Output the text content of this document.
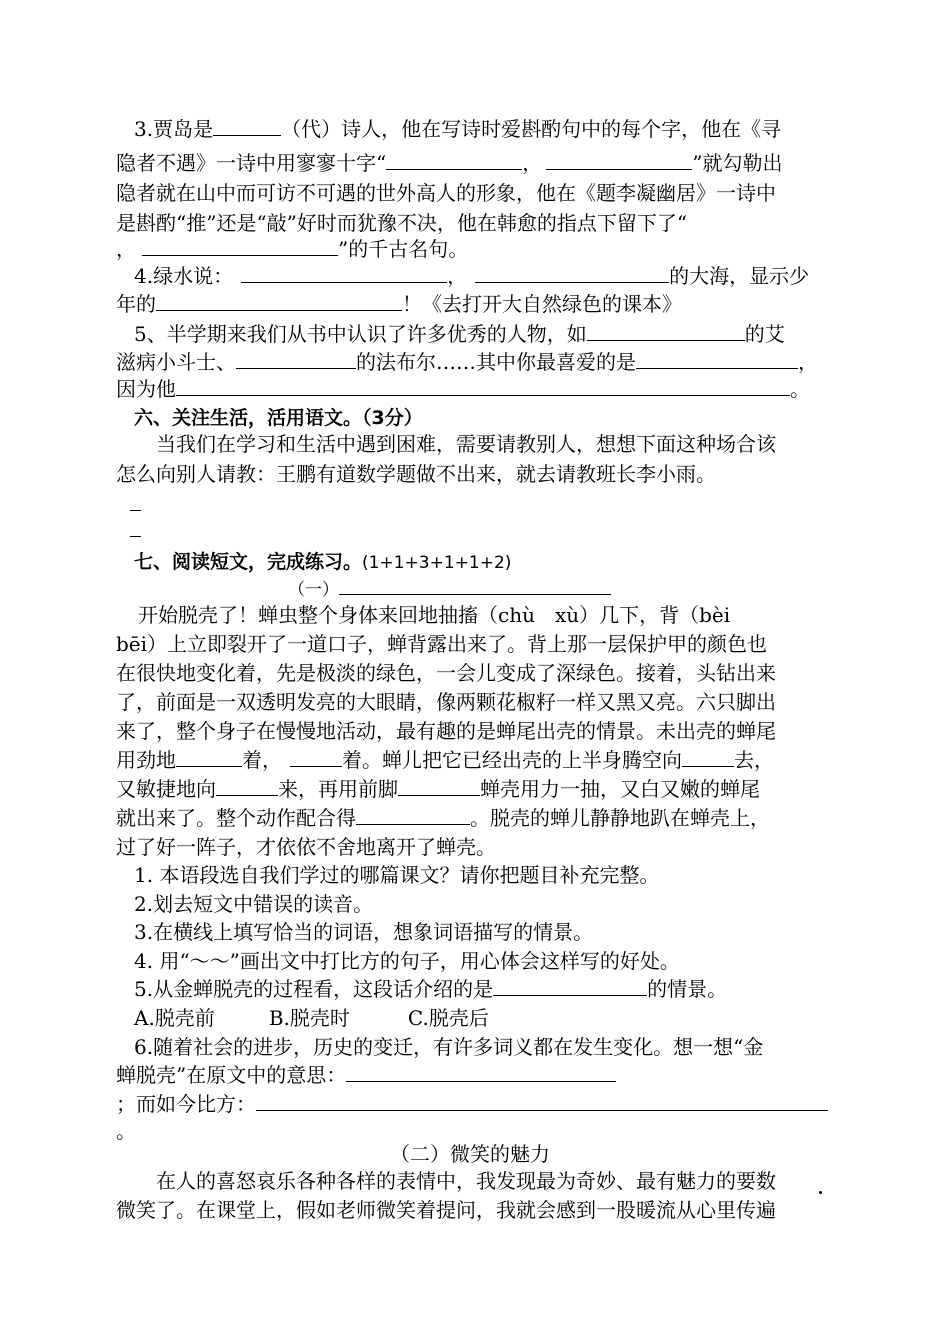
3.贾岛是	（代）诗人，他在写诗时爱斟酌句中的每个字，他在《寻
隐者不遇》一诗中用寥寥十字“	，	”就勾勒出
隐者就在山中而可访不可遇的世外高人的形象，他在《题李凝幽居》一诗中
是斟酌“推”还是“敲”好时而犹豫不决，他在韩愈的指点下留下了“
，	”的千古名句。
4.绿水说：	，	的大海，显示少
年的	！《去打开大自然绿色的课本》
5、半学期来我们从书中认识了许多优秀的人物，如	的艾
滋病小斗士、	的法布尔……其中你最喜爱的是	，
因为他	。
六、关注生活，活用语文。（3分）
当我们在学习和生活中遇到困难，需要请教别人，想想下面这种场合该
怎么向别人请教：王鹏有道数学题做不出来，就去请教班长李小雨。
七、阅读短文，完成练习。(1+1+3+1+1+2)
（一）
开始脱壳了！蝉虫整个身体来回地抽搐（chù　xù）几下，背（bèi
bēi）上立即裂开了一道口子，蝉背露出来了。背上那一层保护甲的颜色也
在很快地变化着，先是极淡的绿色，一会儿变成了深绿色。接着，头钻出来
了，前面是一双透明发亮的大眼睛，像两颗花椒籽一样又黑又亮。六只脚出
来了，整个身子在慢慢地活动，最有趣的是蝉尾出壳的情景。未出壳的蝉尾
用劲地	着，	着。蝉儿把它已经出壳的上半身腾空向	去，
又敏捷地向	来，再用前脚	蝉壳用力一抽，又白又嫩的蝉尾
就出来了。整个动作配合得	。脱壳的蝉儿静静地趴在蝉壳上，
过了好一阵子，才依依不舍地离开了蝉壳。
1. 本语段选自我们学过的哪篇课文？请你把题目补充完整。
2.划去短文中错误的读音。
3.在横线上填写恰当的词语，想象词语描写的情景。
4. 用“～～”画出文中打比方的句子，用心体会这样写的好处。
5.从金蝉脱壳的过程看，这段话介绍的是	的情景。
A.脱壳前	B.脱壳时	C.脱壳后
6.随着社会的进步，历史的变迁，有许多词义都在发生变化。想一想“金
蝉脱壳”在原文中的意思：
；而如今比方：
。
（二）微笑的魅力
在人的喜怒哀乐各种各样的表情中，我发现最为奇妙、最有魅力的要数
微笑了。在课堂上，假如老师微笑着提问，我就会感到一股暖流从心里传遍
